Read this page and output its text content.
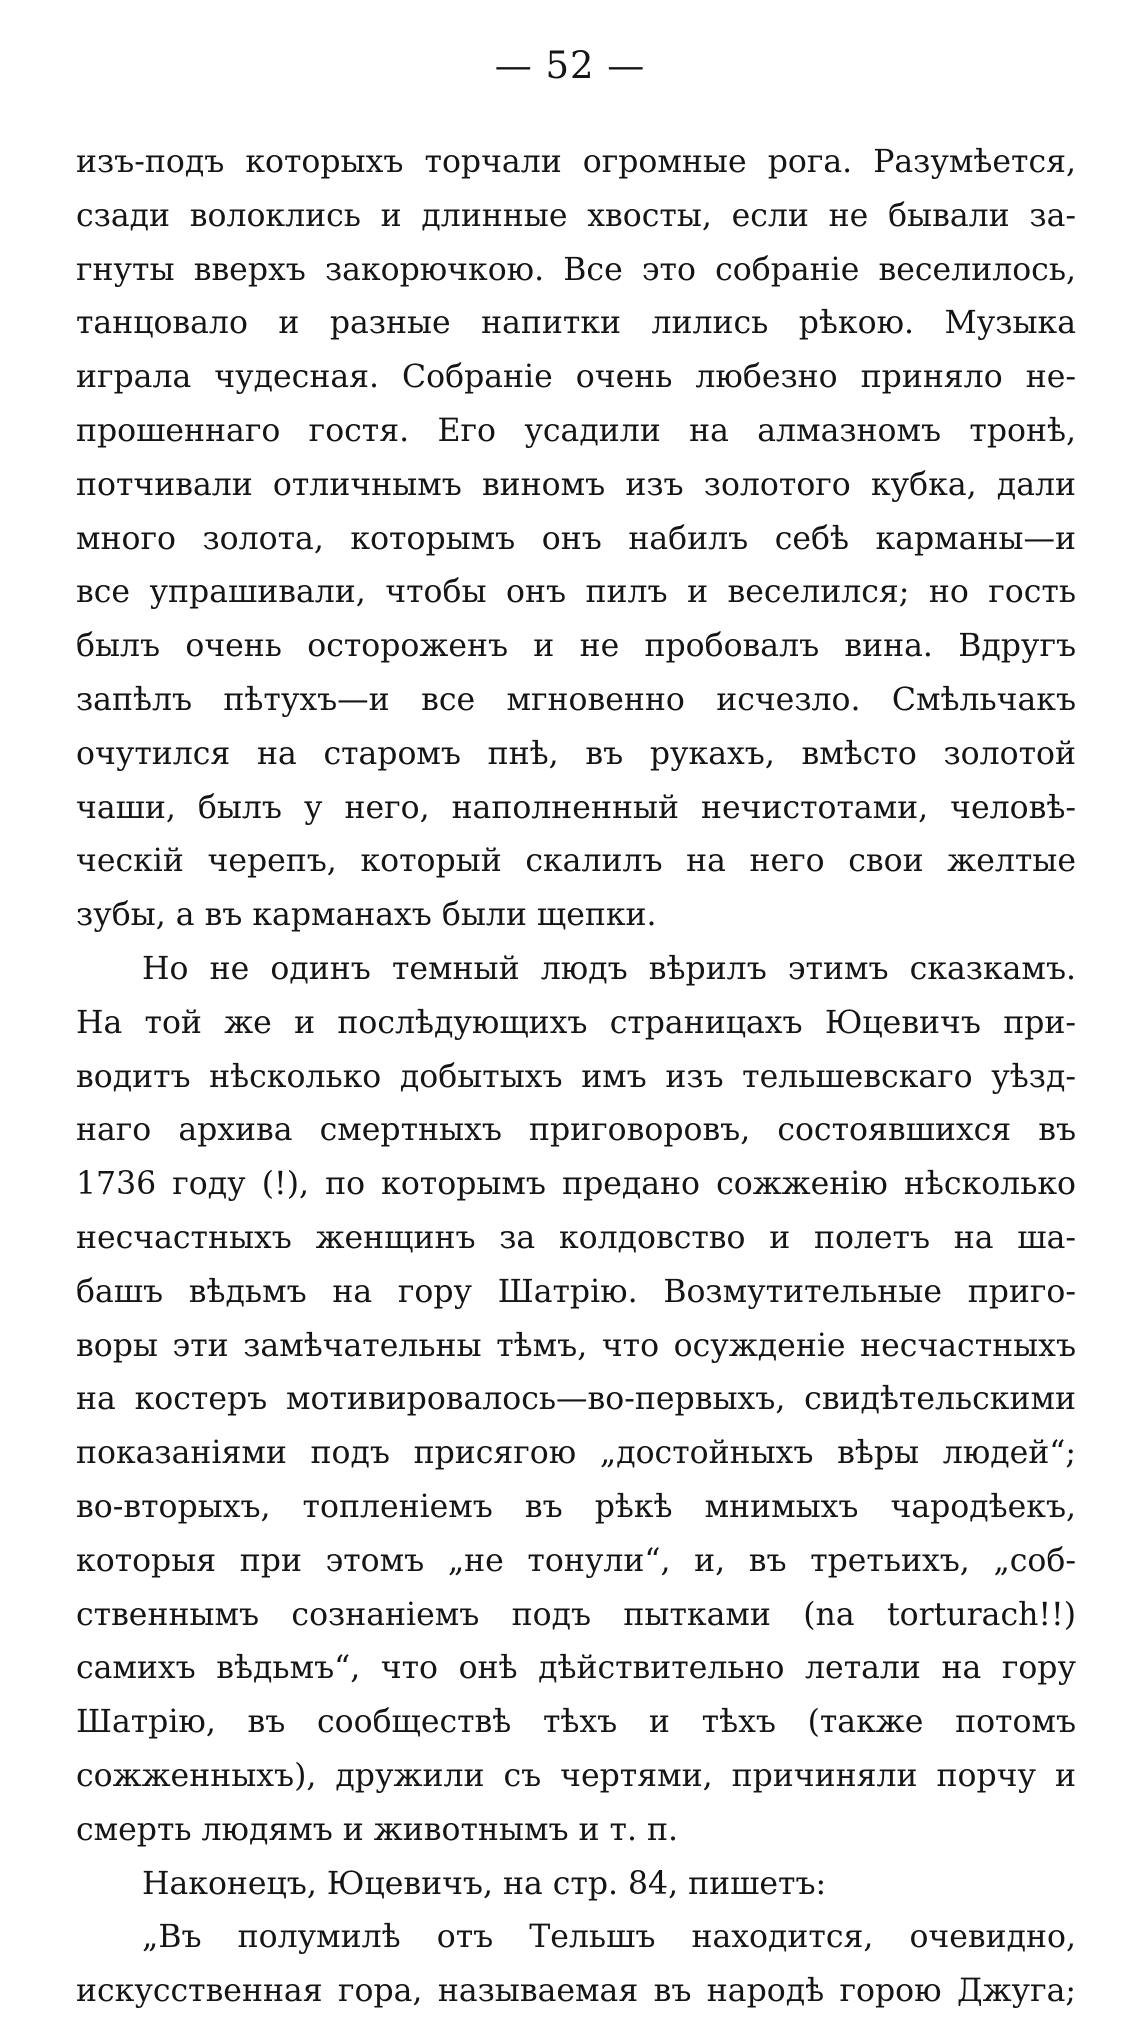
— 52 —

изъ-подъ которыхъ торчали огромные рога. Разумѣется,
сзади волоклись и длинные хвосты, если не бывали за-
гнуты вверхъ закорючкою. Все это собраніе веселилось,
танцовало и разные напитки лились рѣкою. Музыка
играла чудесная. Собраніе очень любезно приняло не-
прошеннаго гостя. Его усадили на алмазномъ тронѣ,
потчивали отличнымъ виномъ изъ золотого кубка, дали
много золота, которымъ онъ набилъ себѣ карманы—и
все упрашивали, чтобы онъ пилъ и веселился; но гость
былъ очень остороженъ и не пробовалъ вина. Вдругъ
запѣлъ пѣтухъ—и все мгновенно исчезло. Смѣльчакъ
очутился на старомъ пнѣ, въ рукахъ, вмѣсто золотой
чаши, былъ у него, наполненный нечистотами, человѣ-
ческій черепъ, который скалилъ на него свои желтые
зубы, а въ карманахъ были щепки.

Но не одинъ темный людъ вѣрилъ этимъ сказкамъ.
На той же и послѣдующихъ страницахъ Юцевичъ при-
водитъ нѣсколько добытыхъ имъ изъ тельшевскаго уѣзд-
наго архива смертныхъ приговоровъ, состоявшихся въ
1736 году (!), по которымъ предано сожженію нѣсколько
несчастныхъ женщинъ за колдовство и полетъ на ша-
башъ вѣдьмъ на гору Шатрію. Возмутительные приго-
воры эти замѣчательны тѣмъ, что осужденіе несчастныхъ
на костеръ мотивировалось—во-первыхъ, свидѣтельскими
показаніями подъ присягою „достойныхъ вѣры людей“;
во-вторыхъ, топленіемъ въ рѣкѣ мнимыхъ чародѣекъ,
которыя при этомъ „не тонули“, и, въ третьихъ, „соб-
ственнымъ сознаніемъ подъ пытками (na torturach!!)
самихъ вѣдьмъ“, что онѣ дѣйствительно летали на гору
Шатрію, въ сообществѣ тѣхъ и тѣхъ (также потомъ
сожженныхъ), дружили съ чертями, причиняли порчу и
смерть людямъ и животнымъ и т. п.

Наконецъ, Юцевичъ, на стр. 84, пишетъ:

„Въ полумилѣ отъ Тельшъ находится, очевидно,
искусственная гора, называемая въ народѣ горою Джуга;
